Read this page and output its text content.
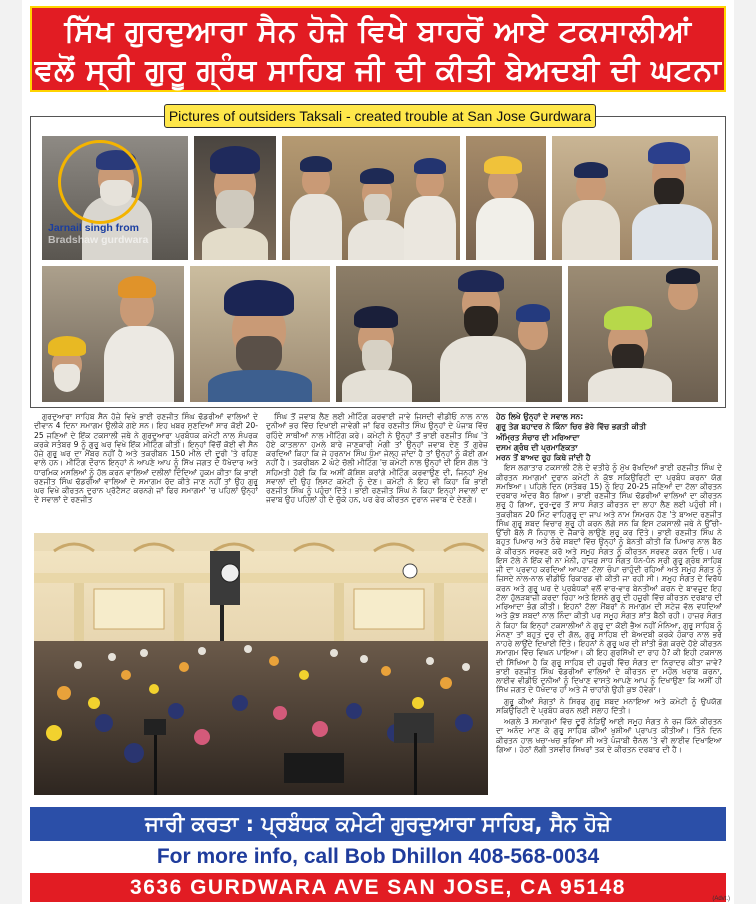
ਸਿੱਖ ਗੁਰਦੁਆਰਾ ਸੈਨ ਹੋਜ਼ੇ ਵਿਖੇ ਬਾਹਰੋਂ ਆਏ ਟਕਸਾਲੀਆਂ
ਵਲੋਂ ਸ੍ਰੀ ਗੁਰੂ ਗ੍ਰੰਥ ਸਾਹਿਬ ਜੀ ਦੀ ਕੀਤੀ ਬੇਅਦਬੀ ਦੀ ਘਟਨਾ
Pictures of outsiders Taksali - created trouble at San Jose Gurdwara
Jarnail singh from
Bradshaw gurdwara

ਗੁਰਦੁਆਰਾ ਸਾਹਿਬ ਸੈਨ ਹੋਜ਼ੇ ਵਿਖੇ ਭਾਈ ਰਣਜੀਤ ਸਿੰਘ ਢੱਡਰੀਆਂ ਵਾਲਿਆਂ ਦੇ ਦੀਵਾਨ 4 ਦਿਨਾ ਸਮਾਗਮ ਉਲੀਕੇ ਗਏ ਸਨ। ਇਹ ਖ਼ਬਰ ਸੁਣਦਿਆਂ ਸਾਰ ਕੋਈ 20-25 ਜਣਿਆਂ ਦੇ ਇੱਕ ਟਕਸਾਲੀ ਜਥੇ ਨੇ ਗੁਰਦੁਆਰਾ ਪ੍ਰਬੰਧਕ ਕਮੇਟੀ ਨਾਲ ਸੰਪਰਕ ਕਰਕੇ ਸਤੰਬਰ 9 ਨੂੰ ਗੁਰੂ ਘਰ ਵਿਖੇ ਇੱਕ ਮੀਟਿੰਗ ਕੀਤੀ। ਇਨ੍ਹਾਂ ਵਿੱਚੋਂ ਕੋਈ ਵੀ ਸੈਨ ਹੋਜ਼ੇ ਗੁਰੂ ਘਰ ਦਾ ਮੈਂਬਰ ਨਹੀਂ ਹੈ ਅਤੇ ਤਕਰੀਬਨ 150 ਮੀਲ ਦੀ ਦੂਰੀ 'ਤੇ ਰਹਿਣ ਵਾਲੇ ਹਨ। ਮੀਟਿੰਗ ਦੌਰਾਨ ਇਨ੍ਹਾਂ ਨੇ ਆਪਣੇ ਆਪ ਨੂੰ ਸਿੱਖ ਜਗਤ ਦੇ ਧੋਖੇਦਾਰ ਅਤੇ ਧਾਰਮਿਕ ਮਸਲਿਆਂ ਨੂੰ ਹੱਲ ਕਰਨ ਵਾਲਿਆਂ ਦਲੀਲਾਂ ਦਿੰਦਿਆਂ ਹੁਕਮ ਕੀਤਾ ਕਿ ਭਾਈ ਰਣਜੀਤ ਸਿੰਘ ਢੱਡਰੀਆਂ ਵਾਲਿਆਂ ਦੇ ਸਮਾਗਮ ਰੱਦ ਕੀਤੇ ਜਾਣ ਨਹੀਂ ਤਾਂ ਉਹ ਗੁਰੂ ਘਰ ਵਿਖੇ ਕੀਰਤਨ ਦੁਰਾਨ ਪ੍ਰੋਟੈਸਟ ਕਰਨਗੇ ਜਾਂ ਫਿਰ ਸਮਾਗਮਾਂ 'ਚ ਪਹਿਲਾਂ ਉਨ੍ਹਾਂ ਦੇ ਸਵਾਲਾਂ ਦੇ ਰਣਜੀਤ

ਸਿੰਘ ਤੋਂ ਜਵਾਬ ਲੈਣ ਲਈ ਮੀਟਿੰਗ ਕਰਵਾਈ ਜਾਵੇ ਜਿਸਦੀ ਵੀਡੀਓ ਨਾਲ ਨਾਲ ਦੁਨੀਆਂ ਭਰ ਵਿੱਚ ਦਿਖਾਈ ਜਾਵੇਗੀ ਜਾਂ ਫਿਰ ਰਣਜੀਤ ਸਿੰਘ ਉਨ੍ਹਾਂ ਦੇ ਪੰਜਾਬ ਵਿੱਚ ਰਹਿੰਦੇ ਸਾਥੀਆਂ ਨਾਲ ਮੀਟਿੰਗ ਕਰੇ। ਕਮੇਟੀ ਨੇ ਉਨ੍ਹਾਂ ਤੋਂ ਭਾਈ ਰਣਜੀਤ ਸਿੰਘ 'ਤੇ ਹੋਏ ਕਾਤਲਾਨਾ ਹਮਲੇ ਬਾਰੇ ਜਾਣਕਾਰੀ ਮੰਗੀ ਤਾਂ ਉਨ੍ਹਾਂ ਜਵਾਬ ਦੇਣ ਤੋਂ ਗੁਰੇਜ਼ ਕਰਦਿਆਂ ਕਿਹਾ ਕਿ ਜੇ ਹਰਨਾਮ ਸਿੰਘ ਧੁੰਮਾ ਜੇਲ੍ਹ ਜਾਂਦਾ ਹੈ ਤਾਂ ਉਨ੍ਹਾਂ ਨੂੰ ਕੋਈ ਗਮ ਨਹੀਂ ਹੈ। ਤਕਰੀਬਨ 2 ਘੰਟੇ ਚੱਲੀ ਮੀਟਿੰਗ 'ਚ ਕਮੇਟੀ ਨਾਲ ਉਨ੍ਹਾਂ ਦੀ ਇਸ ਗੱਲ 'ਤੇ ਸਹਿਮਤੀ ਹੋਈ ਕਿ ਕਿ ਅਸੀਂ ਕੋਸ਼ਿਸ਼ ਕਰਾਂਗੇ ਮੀਟਿੰਗ ਕਰਵਾਉਣ ਦੀ, ਜਿਨ੍ਹਾਂ ਮੁੱਖ ਸਵਾਲਾਂ ਦੀ ਉਹ ਲਿਸਟ ਕਮੇਟੀ ਨੂੰ ਦੇਣ। ਕਮੇਟੀ ਨੇ ਇਹ ਵੀ ਕਿਹਾ ਕਿ ਭਾਈ ਰਣਜੀਤ ਸਿੰਘ ਨੂੰ ਪਹੁੰਚਾ ਦਿੱਤੇ। ਭਾਈ ਰਣਜੀਤ ਸਿੰਘ ਨੇ ਕਿਹਾ ਇਨ੍ਹਾਂ ਸਵਾਲਾਂ ਦਾ ਜਵਾਬ ਉਹ ਪਹਿਲਾਂ ਹੀ ਦੇ ਚੁੱਕੇ ਹਨ, ਪਰ ਫੇਰ ਕੀਰਤਨ ਦੁਰਾਨ ਜਵਾਬ ਦੇ ਦੇਣਗੇ।

ਹੇਠ ਲਿਖੇ ਉਨ੍ਹਾਂ ਦੇ ਸਵਾਲ ਸਨ:

ਗੁਰੂ ਤੇਗ ਬਹਾਦਰ ਨੇ ਕਿੰਨਾ ਚਿਰ ਭੋਰੇ ਵਿੱਚ ਭਗਤੀ ਕੀਤੀ

ਅੰਮ੍ਰਿਤ ਸੰਚਾਰ ਦੀ ਮਰਿਆਦਾ

ਦਸਮ ਗ੍ਰੰਥ ਦੀ ਪ੍ਰਮਾਣਿਕਤਾ

ਮਰਨ ਤੋਂ ਬਾਅਦ ਰੂਹ ਕਿਥੇ ਜਾਂਦੀ ਹੈ

ਇਸ ਲਗਾਤਾਰ ਟਕਸਾਲੀ ਟੋਲੇ ਦੇ ਵਤੀਰੇ ਨੂੰ ਮੁੱਖ ਰੱਖਦਿਆਂ ਭਾਈ ਰਣਜੀਤ ਸਿੰਘ ਦੇ ਕੀਰਤਨ ਸਮਾਗਮਾਂ ਦੁਰਾਨ ਕਮੇਟੀ ਨੇ ਕੁੱਝ ਸਕਿਉਰਿਟੀ ਦਾ ਪ੍ਰਬੰਧ ਕਰਨਾ ਯੋਗ ਸਮਝਿਆ। ਪਹਿਲੇ ਦਿਨ (ਸਤੰਬਰ 15) ਨੂੰ ਇਹ 20-25 ਜਣਿਆਂ ਦਾ ਟੋਲਾ ਕੀਰਤਨ ਦਰਬਾਰ ਅੰਦਰ ਬੈਠ ਗਿਆ। ਭਾਈ ਰਣਜੀਤ ਸਿੰਘ ਢੱਡਰੀਆਂ ਵਾਲਿਆਂ ਦਾ ਕੀਰਤਨ ਸ਼ੁਰੂ ਹੋ ਗਿਆ, ਦੂਰ-ਦੂਰ ਤੋਂ ਸਾਧ ਸੰਗਤ ਕੀਰਤਨ ਦਾ ਲਾਹਾ ਲੈਣ ਲਈ ਪਹੁੰਚੀ ਸੀ। ਤਕਰੀਬਨ 20 ਮਿੰਟ ਵਾਹਿਗੁਰੂ ਦਾ ਜਾਪ ਅਤੇ ਨਾਮ ਸਿਮਰਨ ਹੋਣ 'ਤੇ ਬਾਅਦ ਰਣਜੀਤ ਸਿੰਘ ਗੁਰੂ ਸ਼ਬਦ ਵਿਚਾਰ ਸ਼ੁਰੂ ਹੀ ਕਰਨ ਲੱਗੇ ਸਨ ਕਿ ਇਸ ਟਕਸਾਲੀ ਜਥੇ ਨੇ ਉੱਚੀ-ਉੱਚੀ ਬੋਲੇ ਸੋ ਨਿਹਾਲ ਦੇ ਜੈਕਾਰੇ ਲਾਉਣੇ ਸ਼ੁਰੂ ਕਰ ਦਿੱਤੇ। ਭਾਈ ਰਣਜੀਤ ਸਿੰਘ ਨੇ ਬਹੁਤ ਪਿਆਰ ਅਤੇ ਠੰਢੇ ਸ਼ਬਦਾਂ ਵਿੱਚ ਉਨ੍ਹਾਂ ਨੂੰ ਬੇਨਤੀ ਕੀਤੀ ਕਿ ਪਿਆਰ ਨਾਲ ਬੈਠ ਕੇ ਕੀਰਤਨ ਸਰਵਣ ਕਰੋ ਅਤੇ ਸਮੂਹ ਸੰਗਤ ਨੂੰ ਕੀਰਤਨ ਸਰਵਣ ਕਰਨ ਦਿਓ। ਪਰ ਇਸ ਟੋਲੇ ਨੇ ਇੱਕ ਵੀ ਨਾ ਮੰਨੀ, ਹਾਜ਼ਰ ਸਾਧ ਸੰਗਤ ਧੰਨ-ਧੰਨ ਸ੍ਰੀ ਗੁਰੂ ਗ੍ਰੰਥ ਸਾਹਿਬ ਜੀ ਦਾ ਪ੍ਰਵਾਹ ਕਰਦਿਆਂ ਆਪਣਾ ਟੋਲਾ ਚੰਪਾ ਚਾਹੁੰਦੀ ਰਹਿਆਂ ਅਤੇ ਸਮੂਹ ਸੰਗਤ ਨੂੰ ਜ਼ਿਸਦੇ ਨਾਲ-ਨਾਲ ਵੀਡੀਓ ਰਿਕਾਰਡ ਵੀ ਕੀਤੀ ਜਾ ਰਹੀ ਸੀ। ਸਮੂਹ ਸੰਗਤ ਦੇ ਵਿਰੋਧ ਕਰਨ ਅਤੇ ਗੁਰੂ ਘਰ ਦੇ ਪ੍ਰਬੰਧਕਾਂ ਵਲੋਂ ਵਾਰ-ਵਾਰ ਬੇਨਤੀਆਂ ਕਰਨ ਦੇ ਬਾਵਜੂਦ ਇਹ ਟੋਲਾ ਹੁੱਲੜਬਾਜ਼ੀ ਕਰਦਾ ਰਿਹਾ ਅਤੇ ਇਸਨੇ ਗੁਰੂ ਦੀ ਹਜ਼ੂਰੀ ਵਿੱਚ ਕੀਰਤਨ ਦਰਬਾਰ ਦੀ ਮਰਿਆਦਾ ਭੰਗ ਕੀਤੀ। ਇਹਨਾਂ ਟੋਲਾ ਮੈਂਬਰਾਂ ਨੇ ਸਮਾਗਮ ਦੀ ਸਟੇਜ ਵੱਲ ਵਧਦਿਆਂ ਅਤੇ ਕੁੱਝ ਸ਼ਬਦਾਂ ਨਾਲ ਨਿੰਦਾ ਕੀਤੀ ਪਰ ਸਮੂਹ ਸੰਗਤ ਸ਼ਾਂਤ ਬੈਠੀ ਰਹੀ। ਹਾਜ਼ਰ ਸੰਗਤ ਨੇ ਕਿਹਾ ਕਿ ਇਨ੍ਹਾਂ ਟਕਸਾਲੀਆਂ ਨੇ ਗੁਰੂ ਦਾ ਕੋਈ ਭੈਅ ਨਹੀਂ ਮੰਨਿਆ, ਗੁਰੂ ਸਾਹਿਬ ਨੂੰ ਮੰਨਣਾ ਤਾਂ ਬਹੁਤ ਦੂਰ ਦੀ ਗੱਲ, ਗੁਰੂ ਸਾਹਿਬ ਦੀ ਬੇਅਦਬੀ ਕਰਕੇ ਹੰਕਾਰ ਨਾਲ ਭਰੇ ਨਾਹਰੇ ਲਾਉਂਦੇ ਦਿਖਾਈ ਦਿੱਤੇ। ਇਹਨਾਂ ਨੇ ਗੁਰੂ ਘਰ ਦੀ ਸ਼ਾਂਤੀ ਭੰਗ ਕਰਦੇ ਹੋਏ ਕੀਰਤਨ ਸਮਾਗਮ ਵਿੱਚ ਵਿਘਨ ਪਾਇਆ। ਕੀ ਇਹ ਗੁਰਸਿੱਖੀ ਦਾ ਰਾਹ ਹੈ? ਕੀ ਇਹੀ ਟਕਸਾਲ ਦੀ ਸਿੱਖਿਆ ਹੈ ਕਿ ਗੁਰੂ ਸਾਹਿਬ ਦੀ ਹਜ਼ੂਰੀ ਵਿੱਚ ਸੰਗਤ ਦਾ ਨਿਰਾਦਰ ਕੀਤਾ ਜਾਵੇ? ਭਾਈ ਰਣਜੀਤ ਸਿੰਘ ਢੱਡਰੀਆਂ ਵਾਲਿਆਂ ਦੇ ਕੀਰਤਨ ਦਾ ਮਹੌਲ ਖਰਾਬ ਕਰਨਾ, ਲਾਈਵ ਵੀਡੀਓ ਦੁਨੀਆਂ ਨੂੰ ਦਿਖਾਣ ਵਾਸਤੇ ਆਪਣੇ ਆਪ ਨੂੰ ਦਿਖਾਉਣਾ ਕਿ ਅਸੀਂ ਹੀ ਸਿੱਖ ਜਗਤ ਦੇ ਧੋਖੇਦਾਰ ਹਾਂ ਅਤੇ ਜੋ ਚਾਹਾਂਗੇ ਉਹੀ ਕੁਝ ਹੋਵੇਗਾ।

ਗੁਰੂ ਕੀਆਂ ਸੰਗਤਾਂ ਨੇ ਸਿਰਫ ਗੁਰੂ ਸ਼ਬਦ ਮਨਾਇਆ ਅਤੇ ਕਮੇਟੀ ਨੂੰ ਉਪਯੋਗ ਸਕਿਉਰਿਟੀ ਦੇ ਪ੍ਰਬੰਧ ਕਰਨ ਲਈ ਸਲਾਹ ਦਿੱਤੀ।

ਅਗਲੇ 3 ਸਮਾਗਮਾਂ ਵਿੱਚ ਦੂਰੋਂ ਨੇੜਿਉਂ ਆਈ ਸਮੂਹ ਸੰਗਤ ਨੇ ਰਜ ਕਿੰਨੇ ਕੀਰਤਨ ਦਾ ਅਨੰਦ ਮਾਣ ਕੇ ਗੁਰੂ ਸਾਹਿਬ ਕੀਆਂ ਖੁਸ਼ੀਆਂ ਪ੍ਰਾਪਤ ਕੀਤੀਆਂ। ਤਿੰਨੇ ਦਿਨ ਕੀਰਤਨ ਹਾਲ ਖਚਾ-ਖਚ ਭਰਿਆ ਸੀ ਅਤੇ ਪੰਜਾਬੀ ਚੈਨਲ 'ਤੇ ਵੀ ਲਾਈਵ ਦਿਖਾਇਆ ਗਿਆ। ਹੇਠਾਂ ਲੱਗੀ ਤਸਵੀਰ ਸਿਖਰਾਂ ਤਕ ਦੇ ਕੀਰਤਨ ਦਰਬਾਰ ਦੀ ਹੈ।

ਜਾਰੀ ਕਰਤਾ : ਪ੍ਰਬੰਧਕ ਕਮੇਟੀ ਗੁਰਦੁਆਰਾ ਸਾਹਿਬ, ਸੈਨ ਹੋਜ਼ੇ
For more info, call Bob Dhillon 408-568-0034
3636 GURDWARA AVE SAN JOSE, CA 95148	(Advt.)
